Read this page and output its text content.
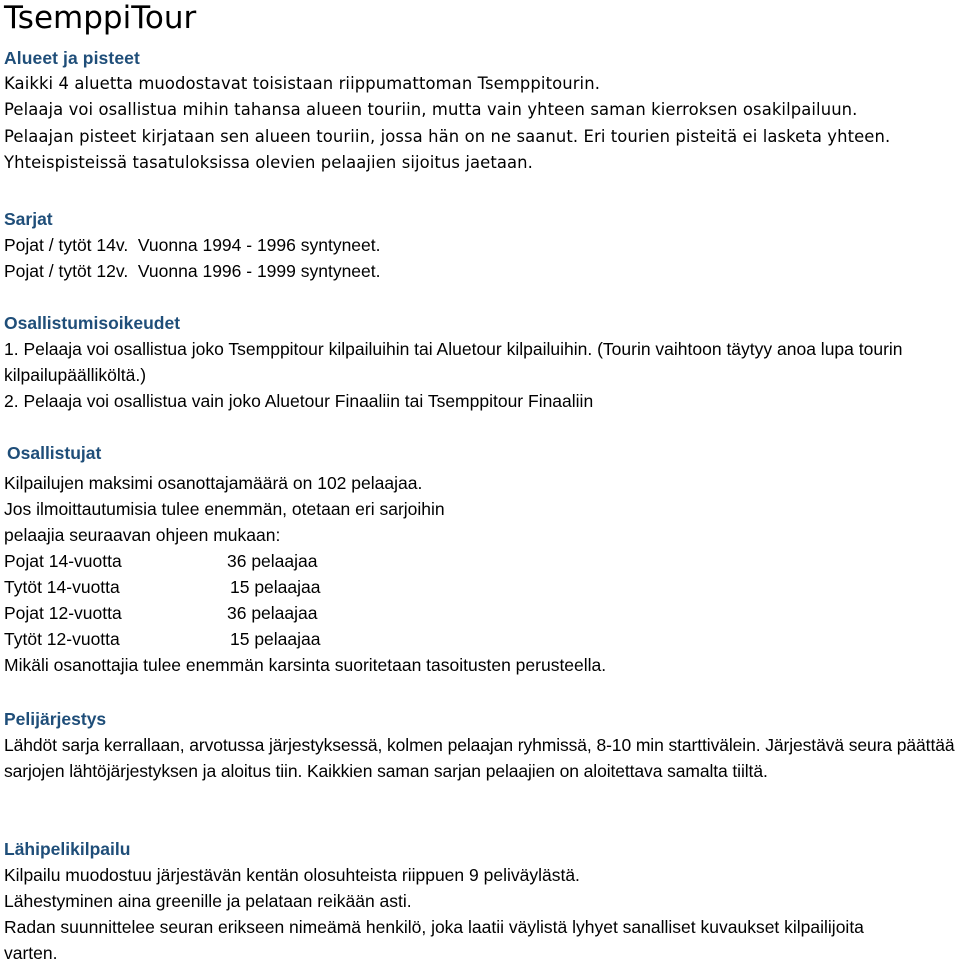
TsemppiTour
Alueet ja pisteet
Kaikki 4 aluetta muodostavat toisistaan riippumattoman Tsemppitourin.
Pelaaja voi osallistua mihin tahansa alueen touriin, mutta vain yhteen saman kierroksen osakilpailuun.
Pelaajan pisteet kirjataan sen alueen touriin, jossa hän on ne saanut. Eri tourien pisteitä ei lasketa yhteen.
Yhteispisteissä tasatuloksissa olevien pelaajien sijoitus jaetaan.
Sarjat
Pojat / tytöt 14v.  Vuonna 1994 - 1996 syntyneet.
Pojat / tytöt 12v.  Vuonna 1996 - 1999 syntyneet.
Osallistumisoikeudet
1. Pelaaja voi osallistua joko Tsemppitour kilpailuihin tai Aluetour kilpailuihin. (Tourin vaihtoon täytyy anoa lupa tourin kilpailupäälliköltä.)
2. Pelaaja voi osallistua vain joko Aluetour Finaaliin tai Tsemppitour Finaaliin
Osallistujat
Kilpailujen maksimi osanottajamäärä on 102 pelaajaa.
Jos ilmoittautumisia tulee enemmän, otetaan eri sarjoihin
pelaajia seuraavan ohjeen mukaan:
Pojat 14-vuotta	36 pelaajaa
Tytöt 14-vuotta	15 pelaajaa
Pojat 12-vuotta	36 pelaajaa
Tytöt 12-vuotta	15 pelaajaa
Mikäli osanottajia tulee enemmän karsinta suoritetaan tasoitusten perusteella.
Pelijärjestys
Lähdöt sarja kerrallaan, arvotussa järjestyksessä, kolmen pelaajan ryhmissä, 8-10 min starttivälein. Järjestävä seura päättää sarjojen lähtöjärjestyksen ja aloitus tiin. Kaikkien saman sarjan pelaajien on aloitettava samalta tiiltä.
Lähipelikilpailu
Kilpailu muodostuu järjestävän kentän olosuhteista riippuen 9 peliväylästä.
Lähestyminen aina greenille ja pelataan reikään asti.
Radan suunnittelee seuran erikseen nimeämä henkilö, joka laatii väylistä lyhyet sanalliset kuvaukset kilpailijoita varten.
